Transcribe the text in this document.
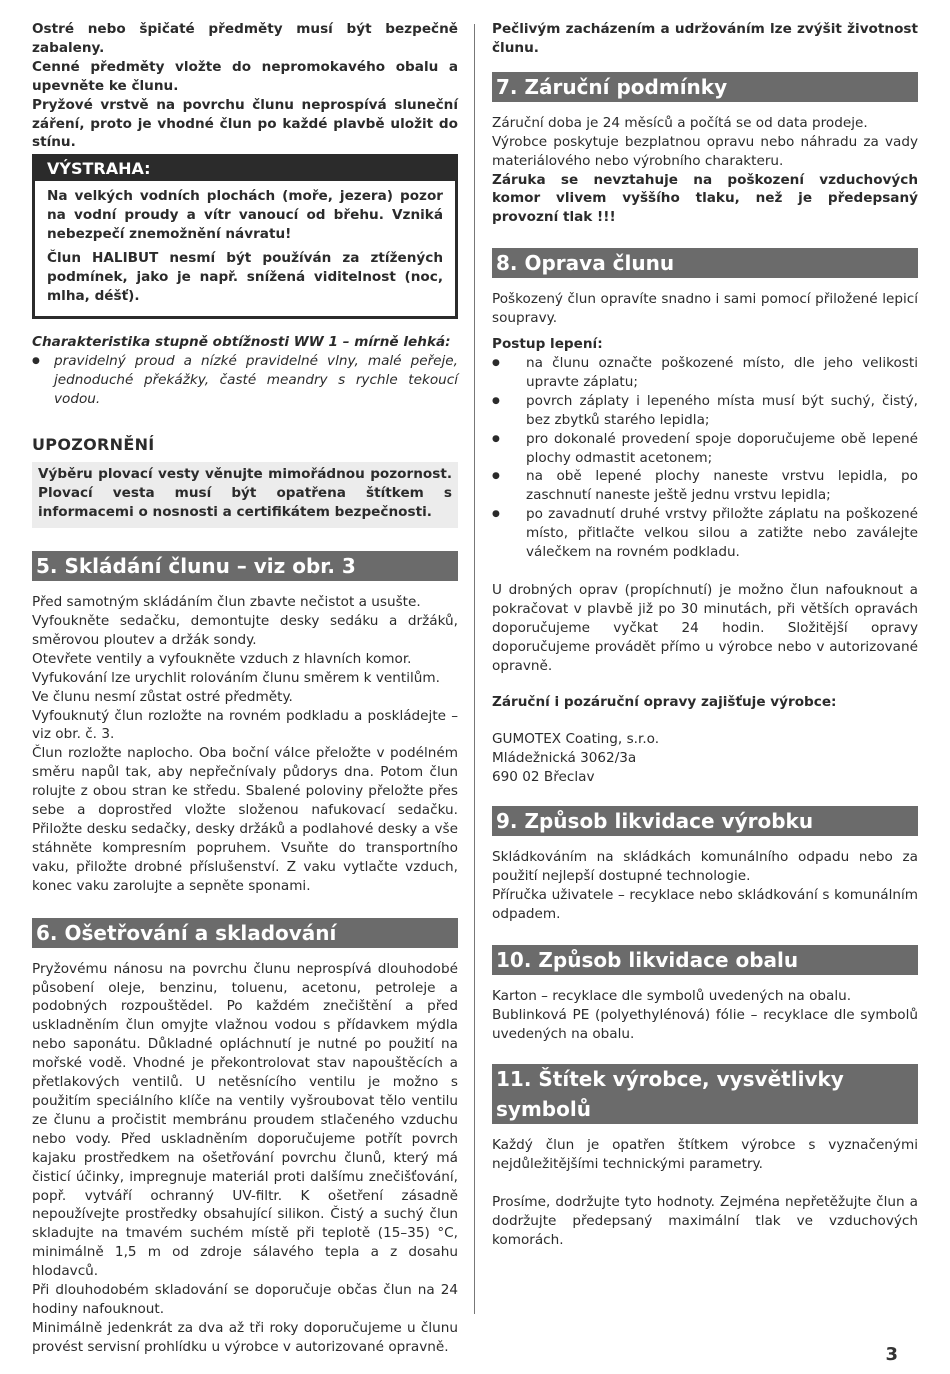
Ostré nebo špičaté předměty musí být bezpečně zabaleny.

Cenné předměty vložte do nepromokavého obalu a upevněte ke člunu.

Pryžové vrstvě na povrchu člunu neprospívá sluneční záření, proto je vhodné člun po každé plavbě uložit do stínu.

VÝSTRAHA:

Na velkých vodních plochách (moře, jezera) pozor na vodní proudy a vítr vanoucí od břehu. Vzniká nebezpečí znemožnění návratu!

Člun HALIBUT nesmí být používán za ztížených podmínek, jako je např. snížená viditelnost (noc, mlha, déšť).

Charakteristika stupně obtížnosti WW 1 – mírně lehká:

● pravidelný proud a nízké pravidelné vlny, malé peřeje, jednoduché překážky, časté meandry s rychle tekoucí vodou.
UPOZORNĚNÍ

Výběru plovací vesty věnujte mimořádnou pozornost. Plovací vesta musí být opatřena štítkem s informacemi o nosnosti a certifikátem bezpečnosti.

5. Skládání člunu – viz obr. 3

Před samotným skládáním člun zbavte nečistot a usušte.

Vyfoukněte sedačku, demontujte desky sedáku a držáků, směrovou ploutev a držák sondy.

Otevřete ventily a vyfoukněte vzduch z hlavních komor.

Vyfukování lze urychlit rolováním člunu směrem k ventilům.

Ve člunu nesmí zůstat ostré předměty.

Vyfouknutý člun rozložte na rovném podkladu a poskládejte – viz obr. č. 3.

Člun rozložte naplocho. Oba boční válce přeložte v podélném směru napůl tak, aby nepřečnívaly půdorys dna. Potom člun rolujte z obou stran ke středu. Sbalené poloviny přeložte přes sebe a doprostřed vložte složenou nafukovací sedačku. Přiložte desku sedačky, desky držáků a podlahové desky a vše stáhněte kompresním popruhem. Vsuňte do transportního vaku, přiložte drobné příslušenství. Z vaku vytlačte vzduch, konec vaku zarolujte a sepněte sponami.

6. Ošetřování a skladování

Pryžovému nánosu na povrchu člunu neprospívá dlouhodobé působení oleje, benzinu, toluenu, acetonu, petroleje a podobných rozpouštědel. Po každém znečištění a před uskladněním člun omyjte vlažnou vodou s přídavkem mýdla nebo saponátu. Důkladné opláchnutí je nutné po použití na mořské vodě. Vhodné je překontrolovat stav napouštěcích a přetlakových ventilů. U netěsnícího ventilu je možno s použitím speciálního klíče na ventily vyšroubovat tělo ventilu ze člunu a pročistit membránu proudem stlačeného vzduchu nebo vody. Před uskladněním doporučujeme potřít povrch kajaku prostředkem na ošetřování povrchu člunů, který má čisticí účinky, impregnuje materiál proti dalšímu znečišťování, popř. vytváří ochranný UV-filtr. K ošetření zásadně nepoužívejte prostředky obsahující silikon. Čistý a suchý člun skladujte na tmavém suchém místě při teplotě (15–35) °C, minimálně 1,5 m od zdroje sálavého tepla a z dosahu hlodavců.

Při dlouhodobém skladování se doporučuje občas člun na 24 hodiny nafouknout.

Minimálně jedenkrát za dva až tři roky doporučujeme u člunu provést servisní prohlídku u výrobce v autorizované opravně.

Pečlivým zacházením a udržováním lze zvýšit životnost člunu.

7. Záruční podmínky

Záruční doba je 24 měsíců a počítá se od data prodeje.

Výrobce poskytuje bezplatnou opravu nebo náhradu za vady materiálového nebo výrobního charakteru.

Záruka se nevztahuje na poškození vzduchových komor vlivem vyššího tlaku, než je předepsaný provozní tlak !!!

8. Oprava člunu

Poškozený člun opravíte snadno i sami pomocí přiložené lepicí soupravy.

Postup lepení:

● na člunu označte poškozené místo, dle jeho velikosti upravte záplatu;
● povrch záplaty i lepeného místa musí být suchý, čistý, bez zbytků starého lepidla;
● pro dokonalé provedení spoje doporučujeme obě lepené plochy odmastit acetonem;
● na obě lepené plochy naneste vrstvu lepidla, po zaschnutí naneste ještě jednu vrstvu lepidla;
● po zavadnutí druhé vrstvy přiložte záplatu na poškozené místo, přitlačte velkou silou a zatižte nebo zaválejte válečkem na rovném podkladu.

U drobných oprav (propíchnutí) je možno člun nafouknout a pokračovat v plavbě již po 30 minutách, při větších opravách doporučujeme vyčkat 24 hodin. Složitější opravy doporučujeme provádět přímo u výrobce nebo v autorizované opravně.

Záruční i pozáruční opravy zajišťuje výrobce:

GUMOTEX Coating, s.r.o.

Mládežnická 3062/3a

690 02 Břeclav

9. Způsob likvidace výrobku

Skládkováním na skládkách komunálního odpadu nebo za použití nejlepší dostupné technologie.

Příručka uživatele – recyklace nebo skládkování s komunálním odpadem.

10. Způsob likvidace obalu

Karton – recyklace dle symbolů uvedených na obalu.

Bublinková PE (polyethylénová) fólie – recyklace dle symbolů uvedených na obalu.

11. Štítek výrobce, vysvětlivky symbolů

Každý člun je opatřen štítkem výrobce s vyznačenými nejdůležitějšími technickými parametry.

Prosíme, dodržujte tyto hodnoty. Zejména nepřetěžujte člun a dodržujte předepsaný maximální tlak ve vzduchových komorách.

3
